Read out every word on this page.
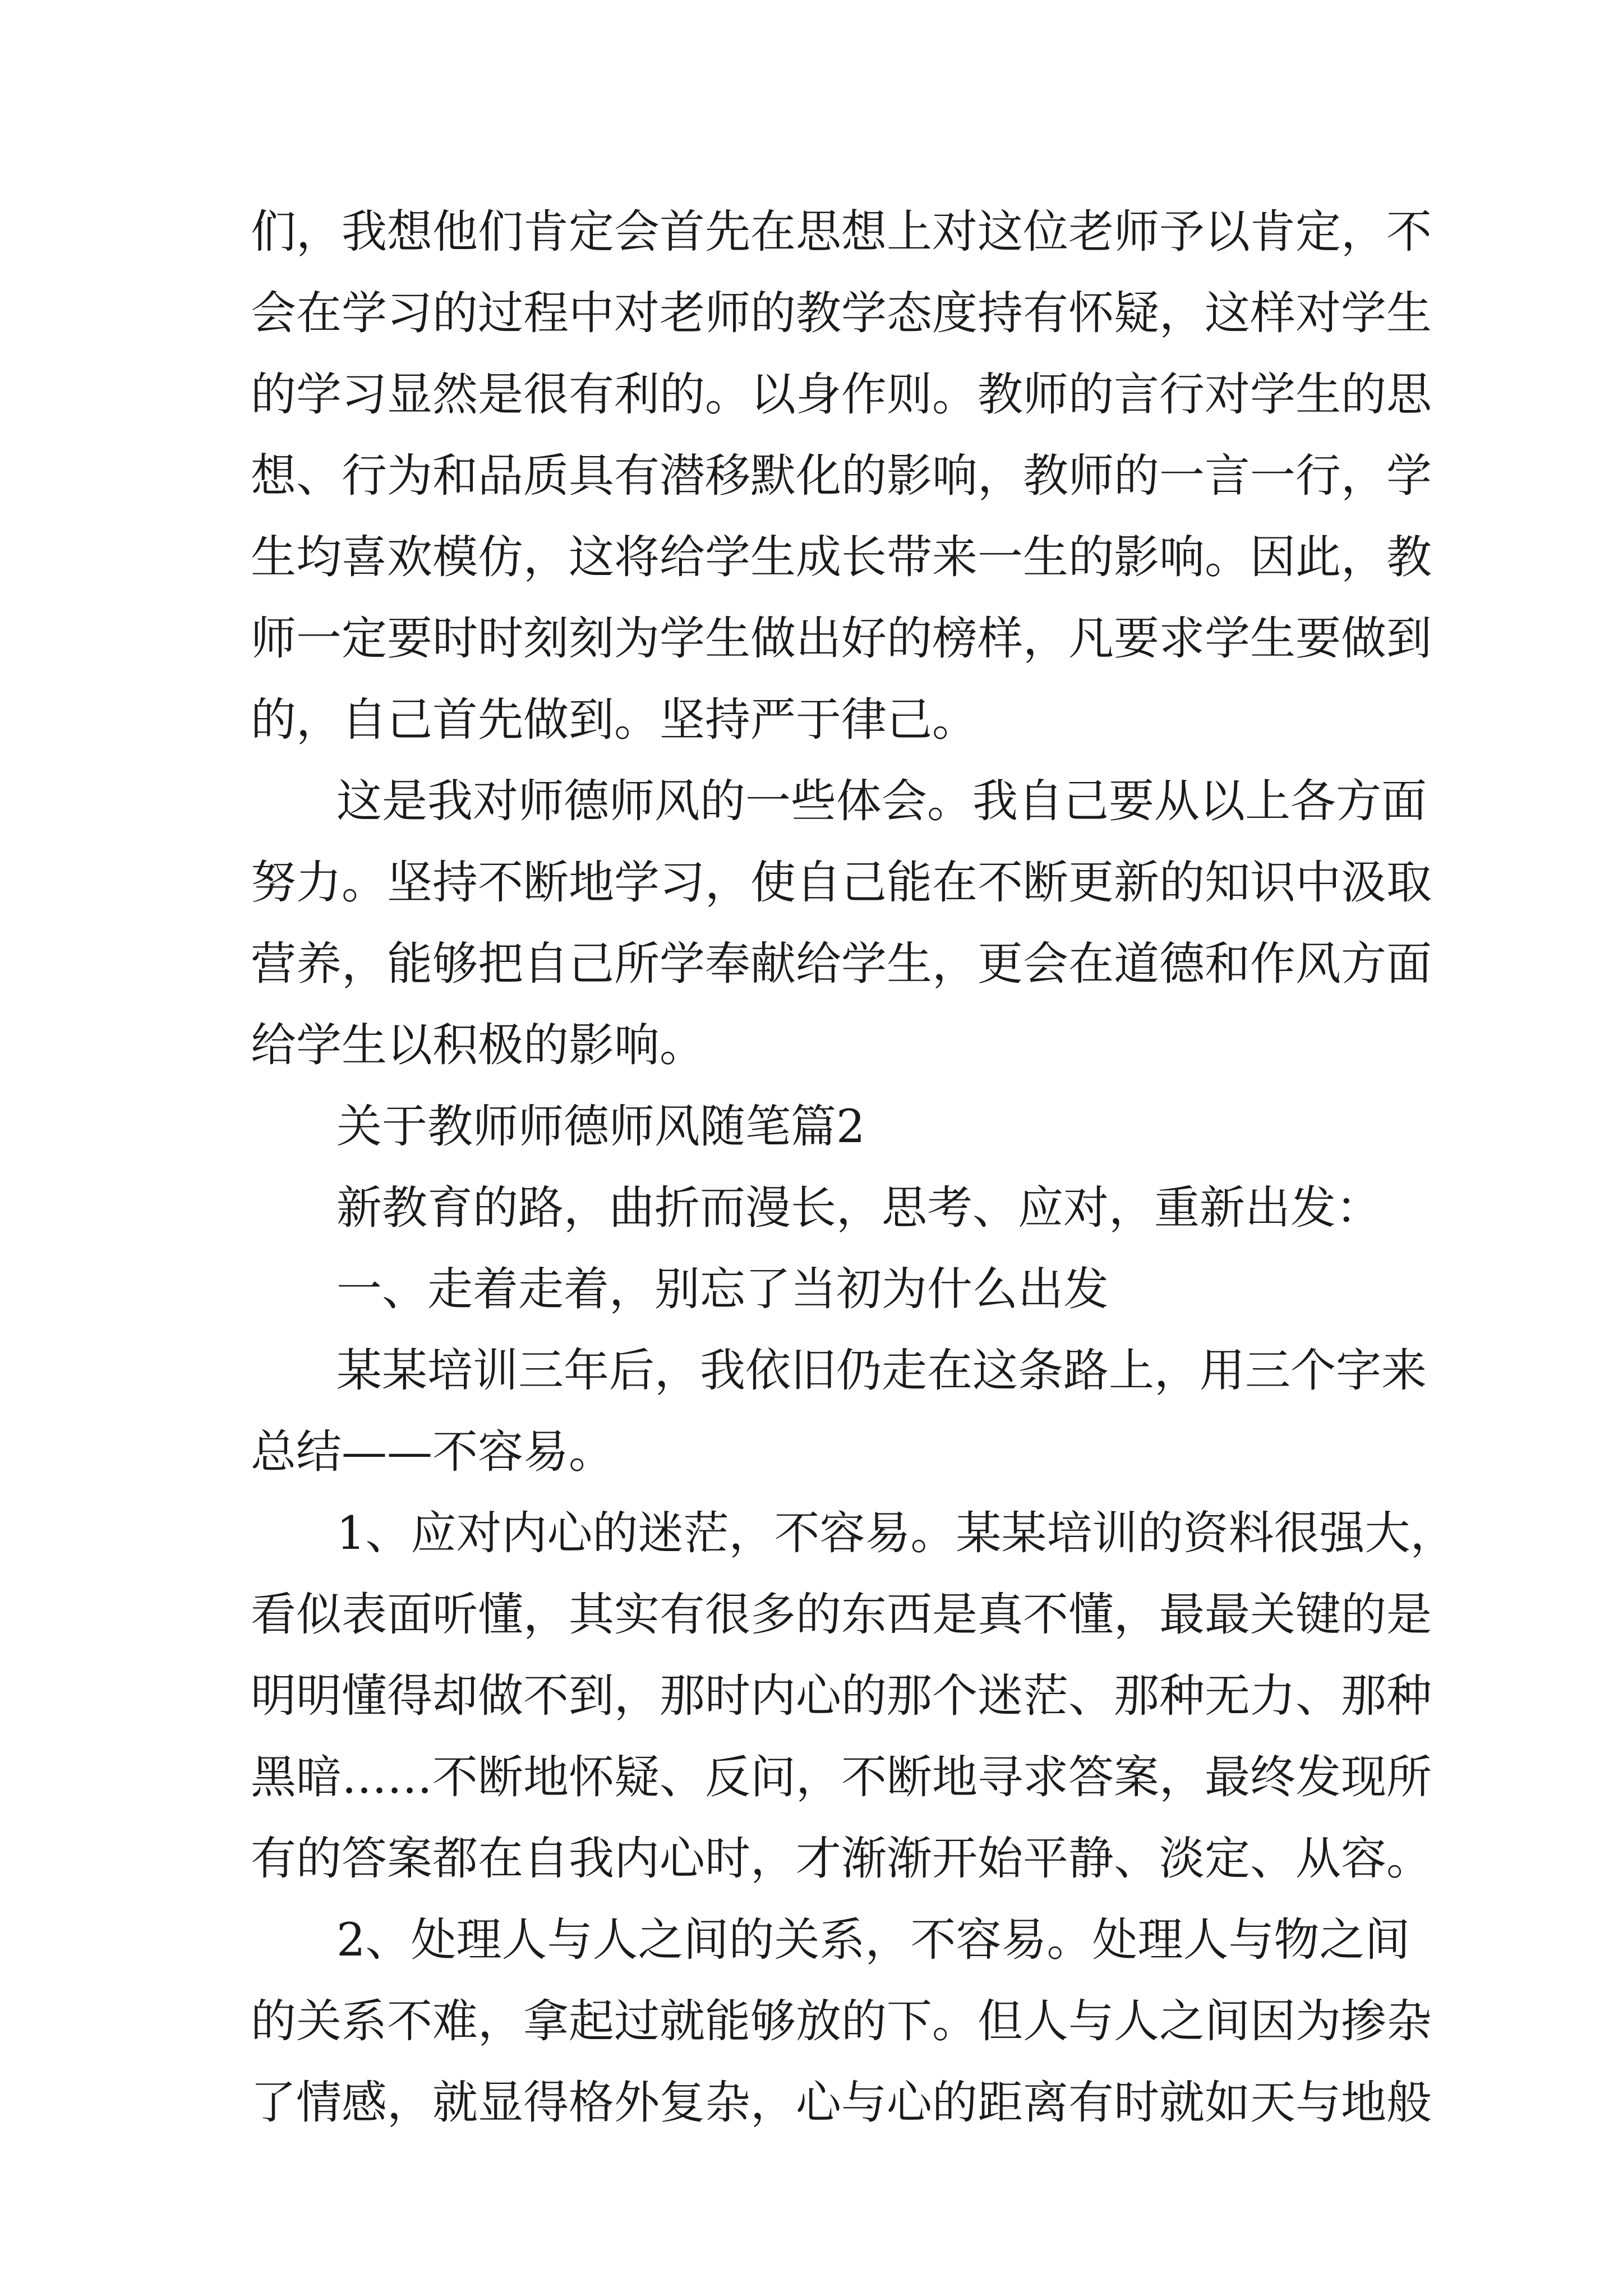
们，我想他们肯定会首先在思想上对这位老师予以肯定，不
会在学习的过程中对老师的教学态度持有怀疑，这样对学生
的学习显然是很有利的。以身作则。教师的言行对学生的思
想、行为和品质具有潜移默化的影响，教师的一言一行，学
生均喜欢模仿，这将给学生成长带来一生的影响。因此，教
师一定要时时刻刻为学生做出好的榜样，凡要求学生要做到
的，自己首先做到。坚持严于律己。
这是我对师德师风的一些体会。我自己要从以上各方面
努力。坚持不断地学习，使自己能在不断更新的知识中汲取
营养，能够把自己所学奉献给学生，更会在道德和作风方面
给学生以积极的影响。
关于教师师德师风随笔篇2
新教育的路，曲折而漫长，思考、应对，重新出发：
一、走着走着，别忘了当初为什么出发
某某培训三年后，我依旧仍走在这条路上，用三个字来
总结——不容易。
1、应对内心的迷茫，不容易。某某培训的资料很强大，
看似表面听懂，其实有很多的东西是真不懂，最最关键的是
明明懂得却做不到，那时内心的那个迷茫、那种无力、那种
黑暗……不断地怀疑、反问，不断地寻求答案，最终发现所
有的答案都在自我内心时，才渐渐开始平静、淡定、从容。
2、处理人与人之间的关系，不容易。处理人与物之间
的关系不难，拿起过就能够放的下。但人与人之间因为掺杂
了情感，就显得格外复杂，心与心的距离有时就如天与地般
